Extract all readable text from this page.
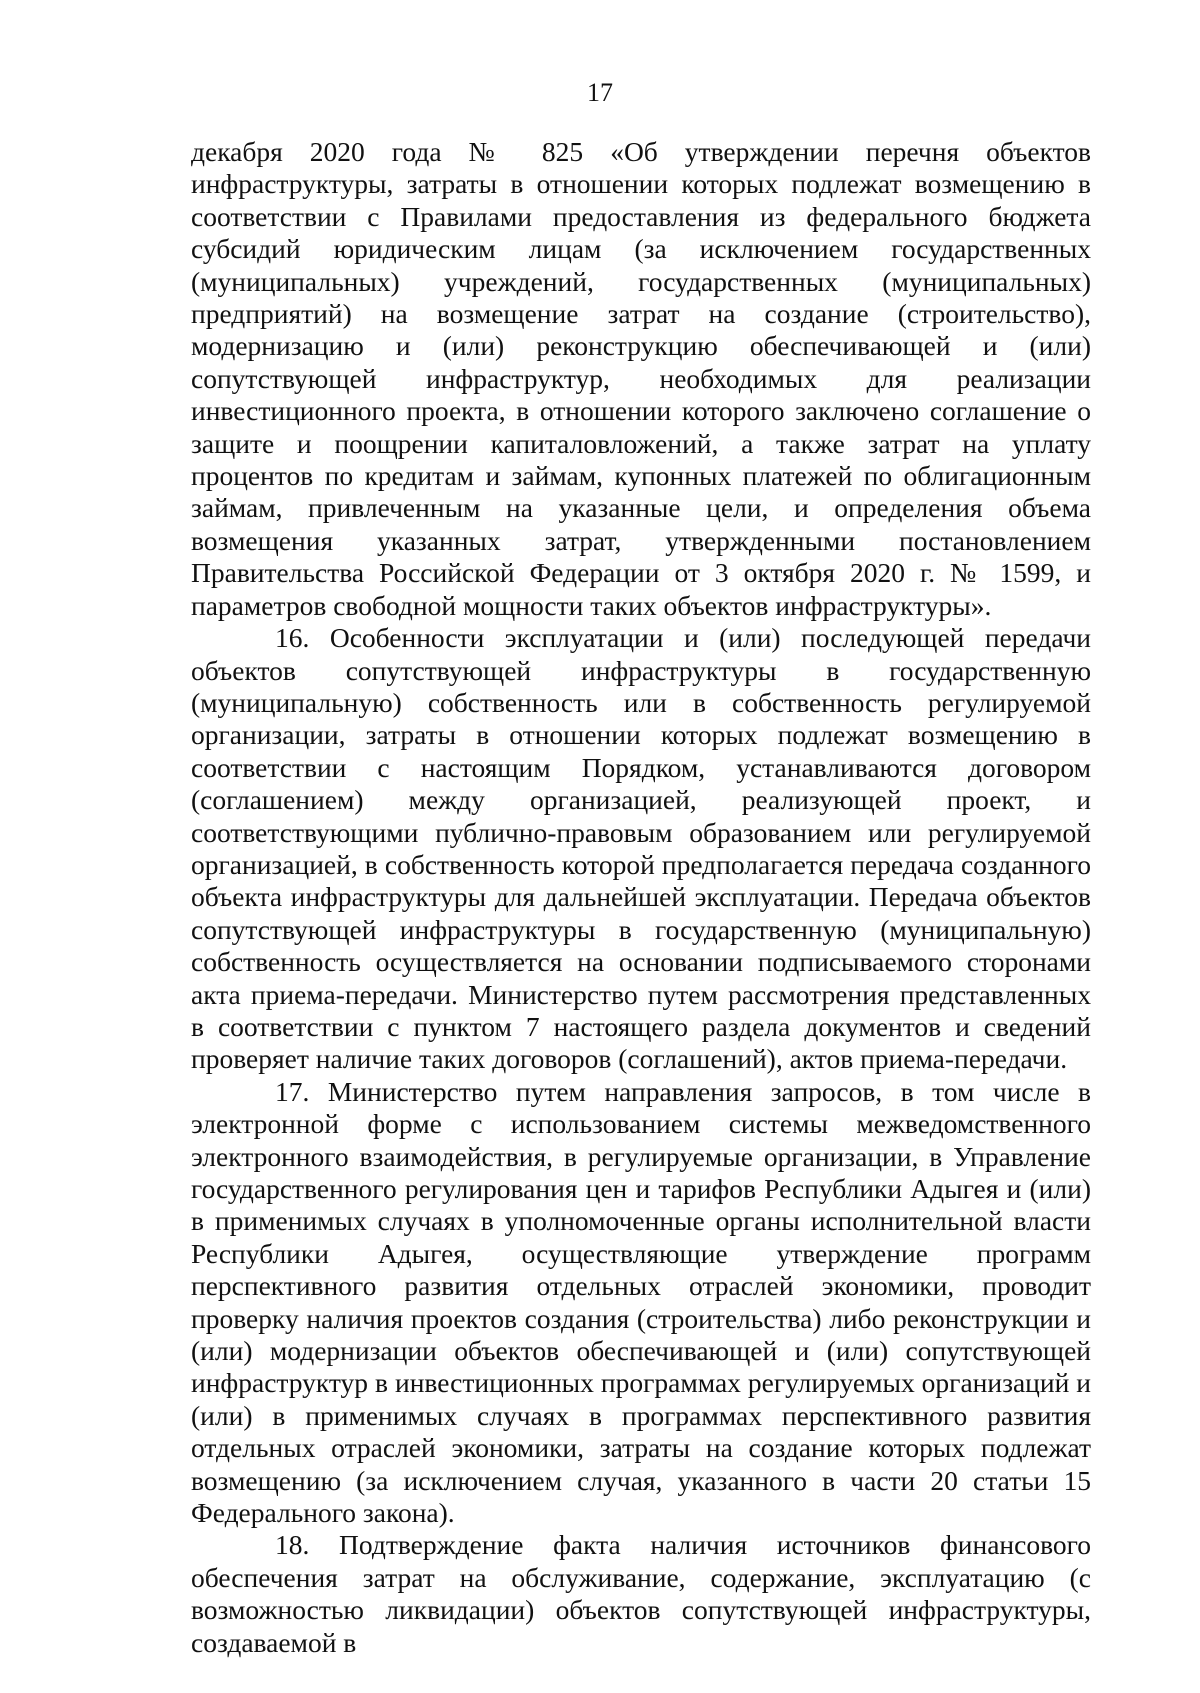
17

декабря 2020 года № 825 «Об утверждении перечня объектов инфраструктуры, затраты в отношении которых подлежат возмещению в соответствии с Правилами предоставления из федерального бюджета субсидий юридическим лицам (за исключением государственных (муниципальных) учреждений, государственных (муниципальных) предприятий) на возмещение затрат на создание (строительство), модернизацию и (или) реконструкцию обеспечивающей и (или) сопутствующей инфраструктур, необходимых для реализации инвестиционного проекта, в отношении которого заключено соглашение о защите и поощрении капиталовложений, а также затрат на уплату процентов по кредитам и займам, купонных платежей по облигационным займам, привлеченным на указанные цели, и определения объема возмещения указанных затрат, утвержденными постановлением Правительства Российской Федерации от 3 октября 2020 г. № 1599, и параметров свободной мощности таких объектов инфраструктуры».

16. Особенности эксплуатации и (или) последующей передачи объектов сопутствующей инфраструктуры в государственную (муниципальную) собственность или в собственность регулируемой организации, затраты в отношении которых подлежат возмещению в соответствии с настоящим Порядком, устанавливаются договором (соглашением) между организацией, реализующей проект, и соответствующими публично-правовым образованием или регулируемой организацией, в собственность которой предполагается передача созданного объекта инфраструктуры для дальнейшей эксплуатации. Передача объектов сопутствующей инфраструктуры в государственную (муниципальную) собственность осуществляется на основании подписываемого сторонами акта приема-передачи. Министерство путем рассмотрения представленных в соответствии с пунктом 7 настоящего раздела документов и сведений проверяет наличие таких договоров (соглашений), актов приема-передачи.

17. Министерство путем направления запросов, в том числе в электронной форме с использованием системы межведомственного электронного взаимодействия, в регулируемые организации, в Управление государственного регулирования цен и тарифов Республики Адыгея и (или) в применимых случаях в уполномоченные органы исполнительной власти Республики Адыгея, осуществляющие утверждение программ перспективного развития отдельных отраслей экономики, проводит проверку наличия проектов создания (строительства) либо реконструкции и (или) модернизации объектов обеспечивающей и (или) сопутствующей инфраструктур в инвестиционных программах регулируемых организаций и (или) в применимых случаях в программах перспективного развития отдельных отраслей экономики, затраты на создание которых подлежат возмещению (за исключением случая, указанного в части 20 статьи 15 Федерального закона).

18. Подтверждение факта наличия источников финансового обеспечения затрат на обслуживание, содержание, эксплуатацию (с возможностью ликвидации) объектов сопутствующей инфраструктуры, создаваемой в
